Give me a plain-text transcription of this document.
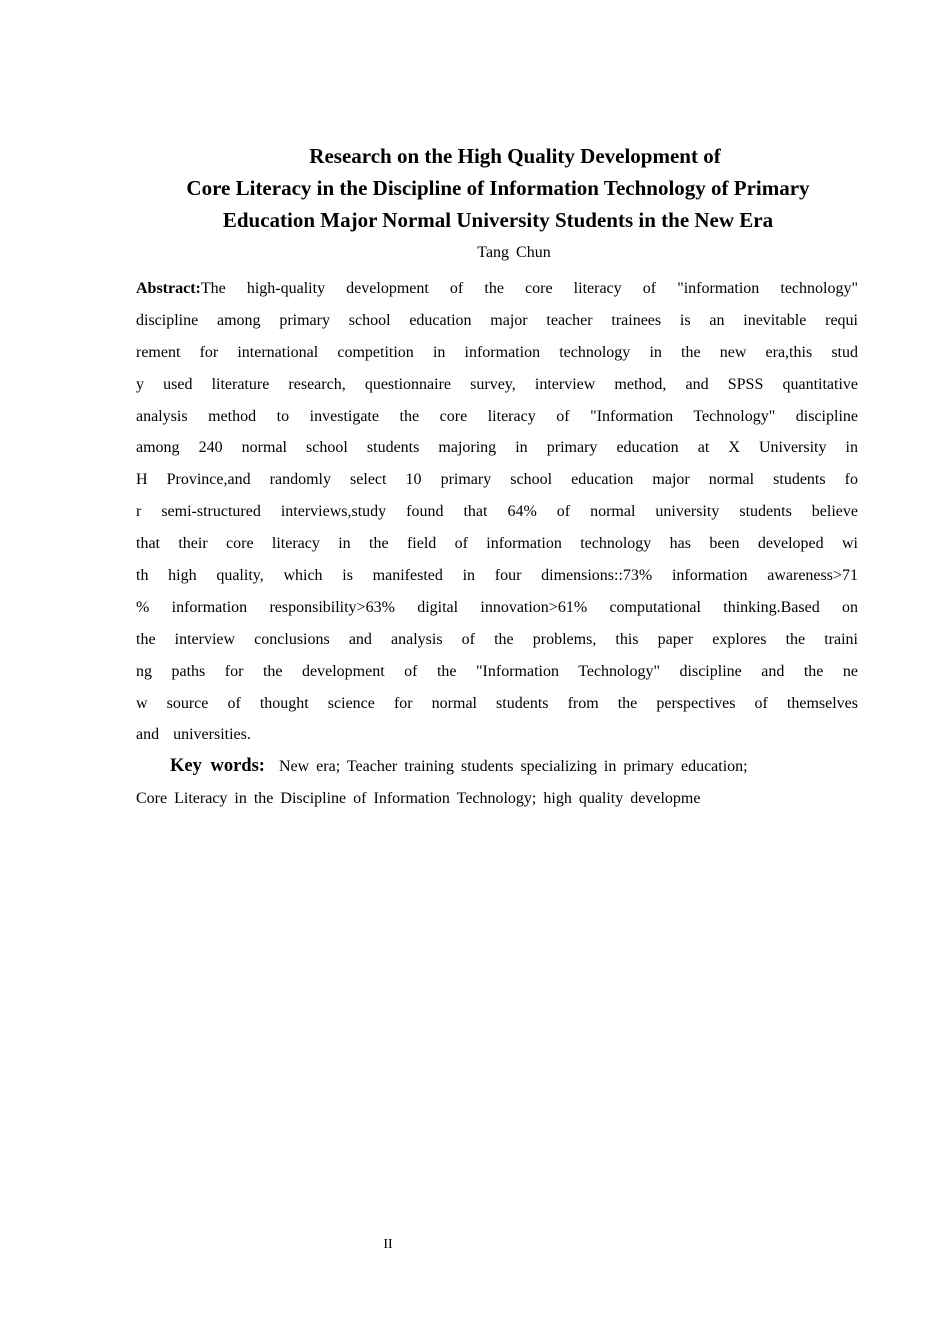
Research on the High Quality Development of
Core Literacy in the Discipline of Information Technology of Primary
Education Major Normal University Students in the New Era
Tang Chun
Abstract:The high-quality development of the core literacy of "information technology"
discipline among primary school education major teacher trainees is an inevitable requi
rement for international competition in information technology in the new era,this stud
y used literature research, questionnaire survey, interview method, and SPSS quantitative
analysis method to investigate the core literacy of "Information Technology" discipline
among 240 normal school students majoring in primary education at X University in
H Province,and randomly select 10 primary school education major normal students fo
r semi-structured interviews,study found that 64% of normal university students believe
that their core literacy in the field of information technology has been developed wi
th high quality, which is manifested in four dimensions::73% information awareness>71
% information responsibility>63% digital innovation>61% computational thinking.Based on
the interview conclusions and analysis of the problems, this paper explores the traini
ng paths for the development of the "Information Technology" discipline and the ne
w source of thought science for normal students from the perspectives of themselves
and universities.
Key words: New era; Teacher training students specializing in primary education;
Core Literacy in the Discipline of Information Technology; high quality developme
II
